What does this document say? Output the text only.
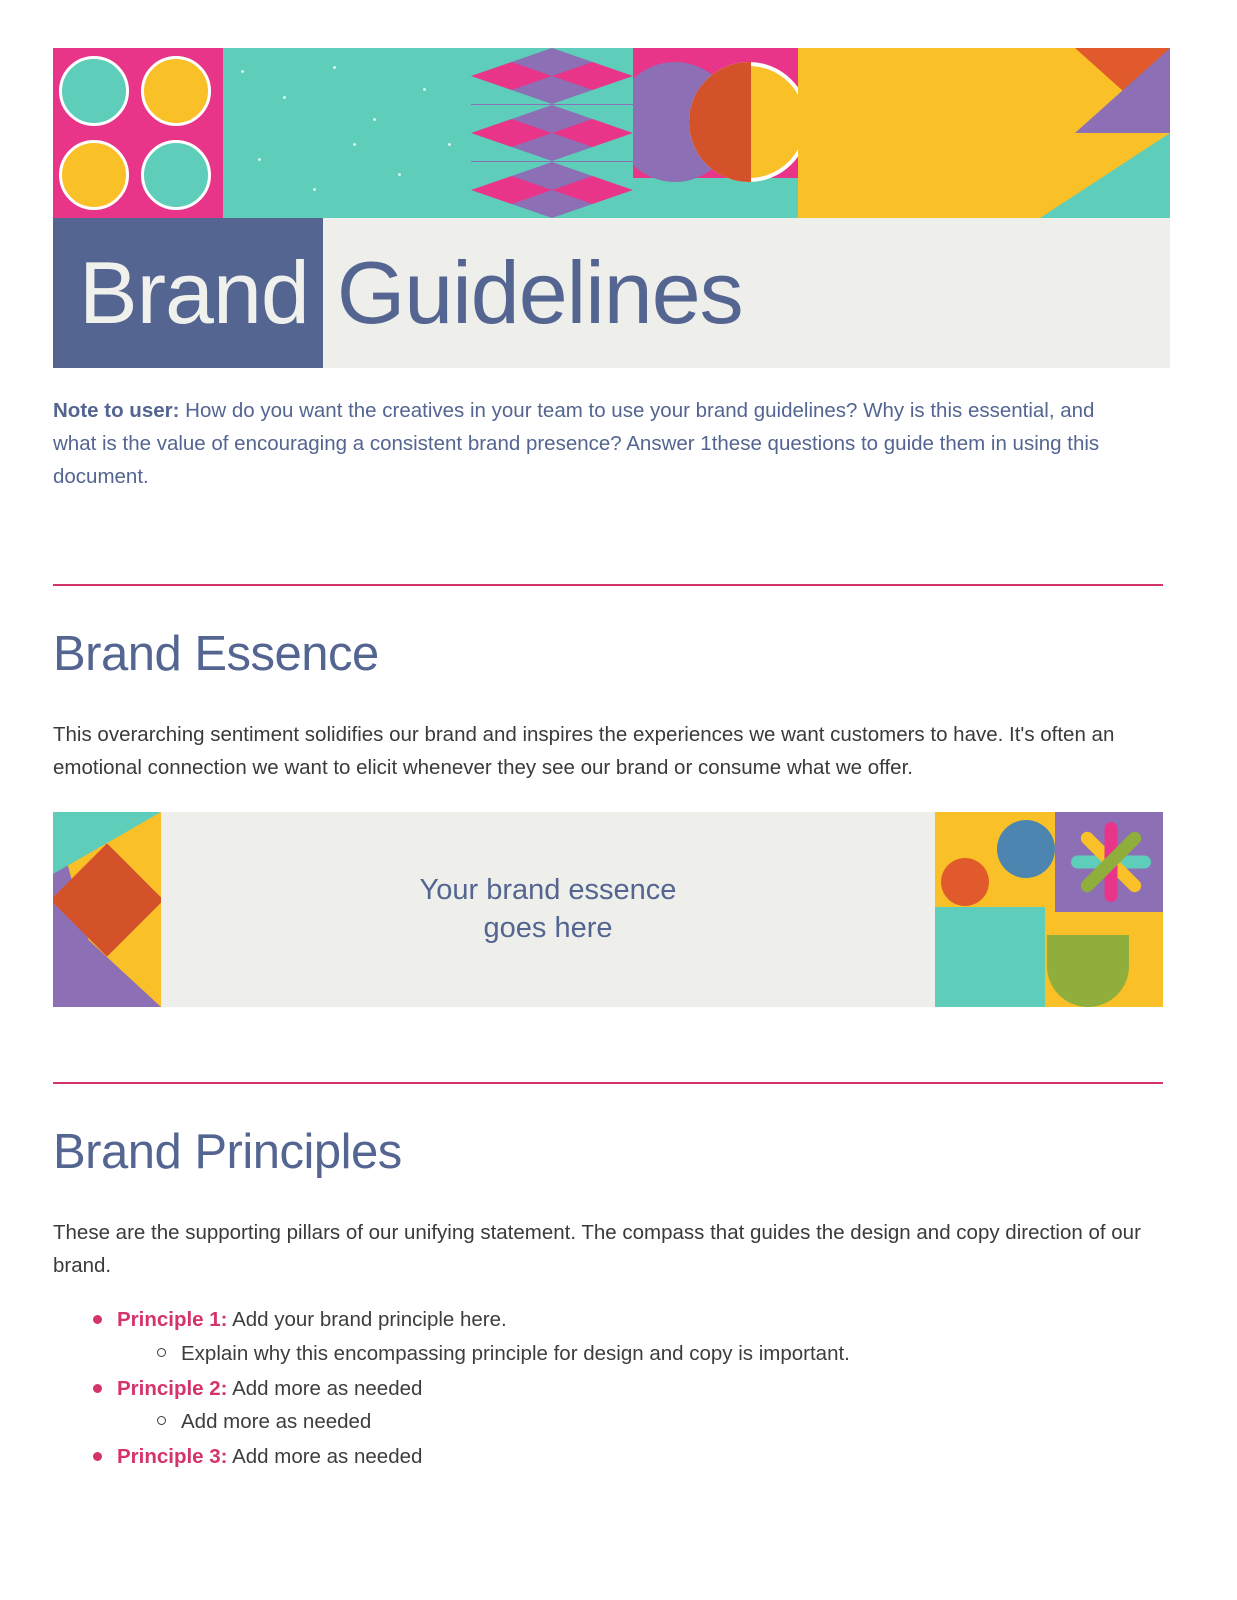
Brand Guidelines

Note to user: How do you want the creatives in your team to use your brand guidelines? Why is this essential, and what is the value of encouraging a consistent brand presence? Answer 1these questions to guide them in using this document.

Brand Essence

This overarching sentiment solidifies our brand and inspires the experiences we want customers to have. It's often an emotional connection we want to elicit whenever they see our brand or consume what we offer.

Your brand essence
goes here
Brand Principles

These are the supporting pillars of our unifying statement. The compass that guides the design and copy direction of our brand.

Principle 1: Add your brand principle here.
Explain why this encompassing principle for design and copy is important.
Principle 2: Add more as needed
Add more as needed
Principle 3: Add more as needed
